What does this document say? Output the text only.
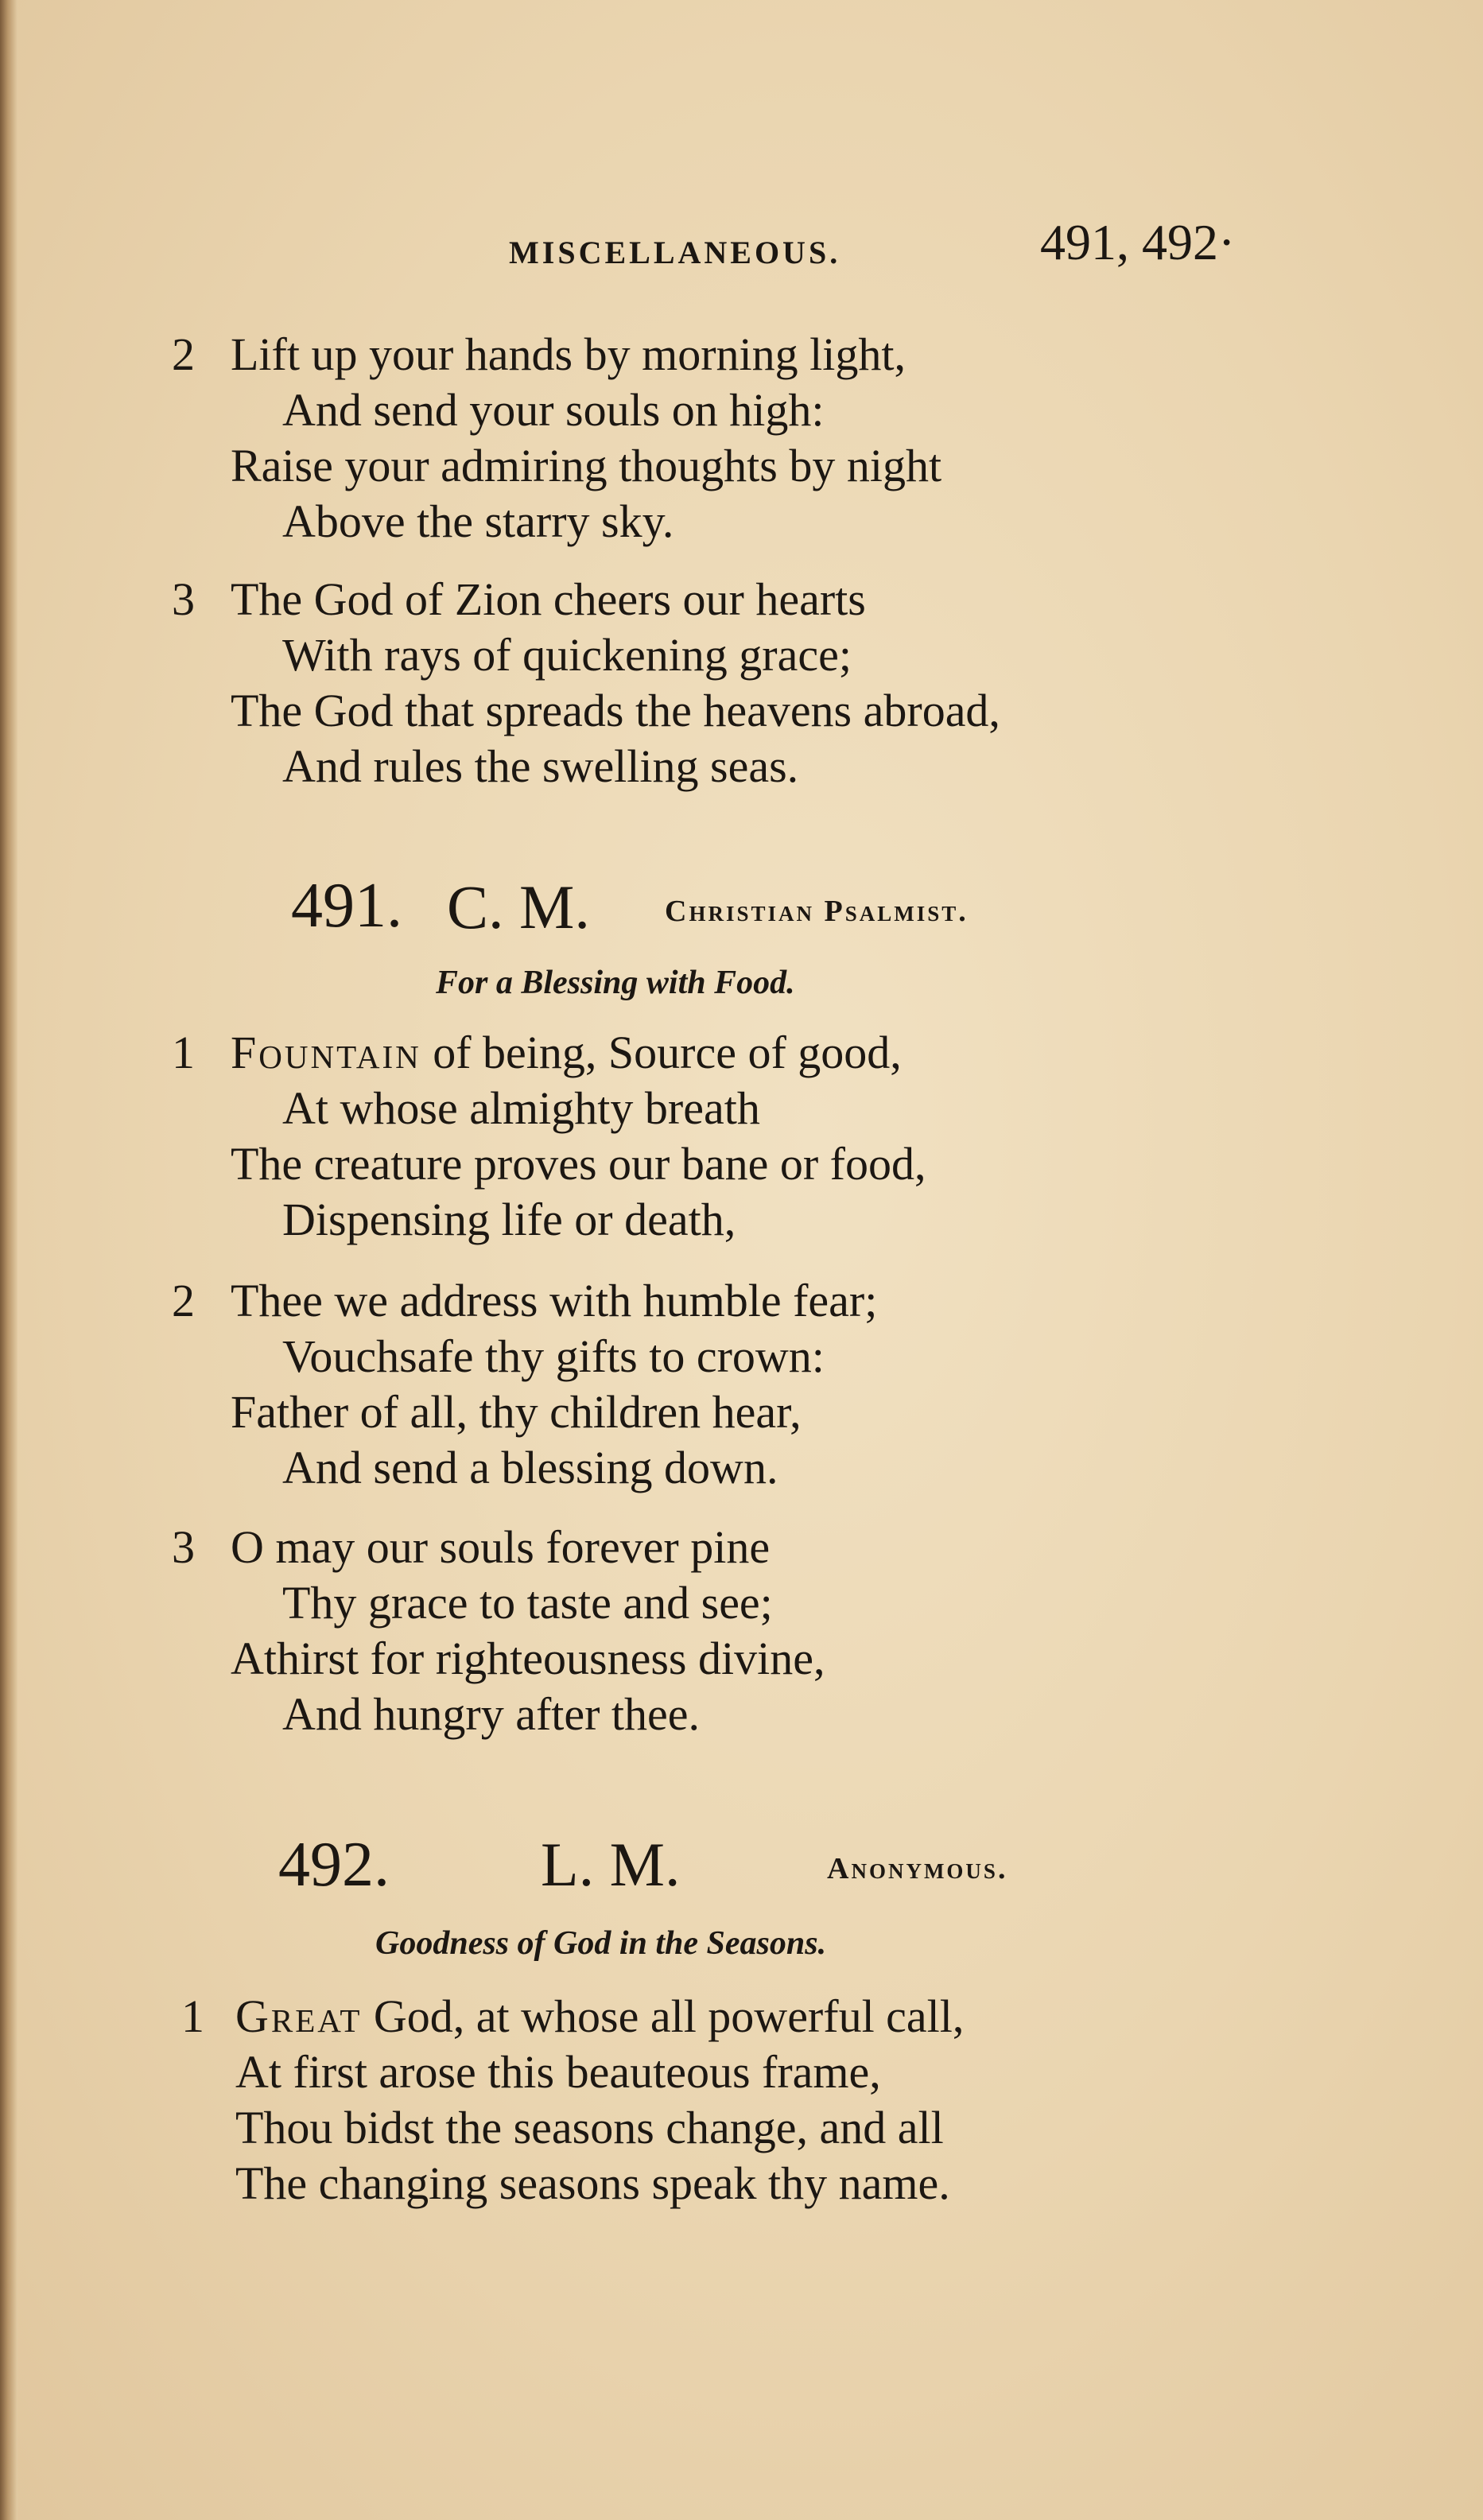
MISCELLANEOUS.	491, 492·
2 Lift up your hands by morning light,
And send your souls on high:
Raise your admiring thoughts by night
Above the starry sky.
3 The God of Zion cheers our hearts
With rays of quickening grace;
The God that spreads the heavens abroad,
And rules the swelling seas.
491. C. M. Christian Psalmist.
For a Blessing with Food.
1 Fountain of being, Source of good,
At whose almighty breath
The creature proves our bane or food,
Dispensing life or death,
2 Thee we address with humble fear;
Vouchsafe thy gifts to crown:
Father of all, thy children hear,
And send a blessing down.
3 O may our souls forever pine
Thy grace to taste and see;
Athirst for righteousness divine,
And hungry after thee.
492. L. M.	Anonymous.
Goodness of God in the Seasons.
1 Great God, at whose all powerful call,
At first arose this beauteous frame,
Thou bidst the seasons change, and all
The changing seasons speak thy name.
